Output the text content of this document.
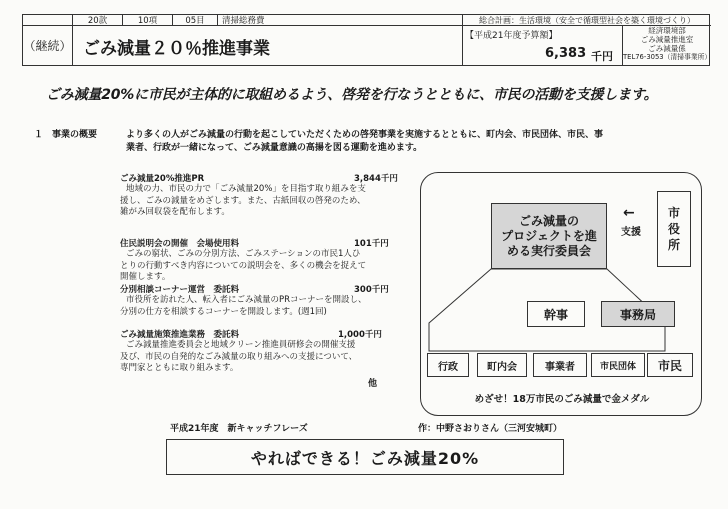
20款	10項	05目	清掃総務費
（継続） ごみ減量２０％推進事業
総合計画：生活環境（安全で循環型社会を築く環境づくり）
【平成21年度予算額】
6,383 千円
経済環境部
ごみ減量推進室
ごみ減量係
TEL76-3053（清掃事業所）
ごみ減量20%に市民が主体的に取組めるよう、啓発を行なうとともに、市民の活動を支援します。
１　事業の概要	より多くの人がごみ減量の行動を起こしていただくための啓発事業を実施するとともに、町内会、市民団体、市民、事
業者、行政が一緒になって、ごみ減量意識の高揚を図る運動を進めます。
ごみ減量20%推進PR	3,844千円
地域の力、市民の力で「ごみ減量20%」を目指す取り組みを支
援し、ごみの減量をめざします。また、古紙回収の啓発のため、
雑がみ回収袋を配布します。
住民説明会の開催　会場使用料	101千円
ごみの窮状、ごみの分別方法、ごみステーションの市民1人ひ
とりの行動すべき内容についての説明会を、多くの機会を捉えて
開催します。
分別相談コーナー運営　委託料	300千円
市役所を訪れた人、転入者にごみ減量のPRコーナーを開設し、
分別の仕方を相談するコーナーを開設します。(週1回)
ごみ減量施策推進業務　委託料	1,000千円
ごみ減量推進委員会と地域クリーン推進員研修会の開催支援
及び、市民の自発的なごみ減量の取り組みへの支援について、
専門家とともに取り組みます。
他
ごみ減量の
プロジェクトを進
める実行委員会
←
支援
市
役
所
幹事	事務局
行政	町内会	事業者	市民団体 市民
めざせ！18万市民のごみ減量で金メダル
平成21年度　新キャッチフレーズ	作：中野さおりさん（三河安城町）
やればできる！ごみ減量20%
